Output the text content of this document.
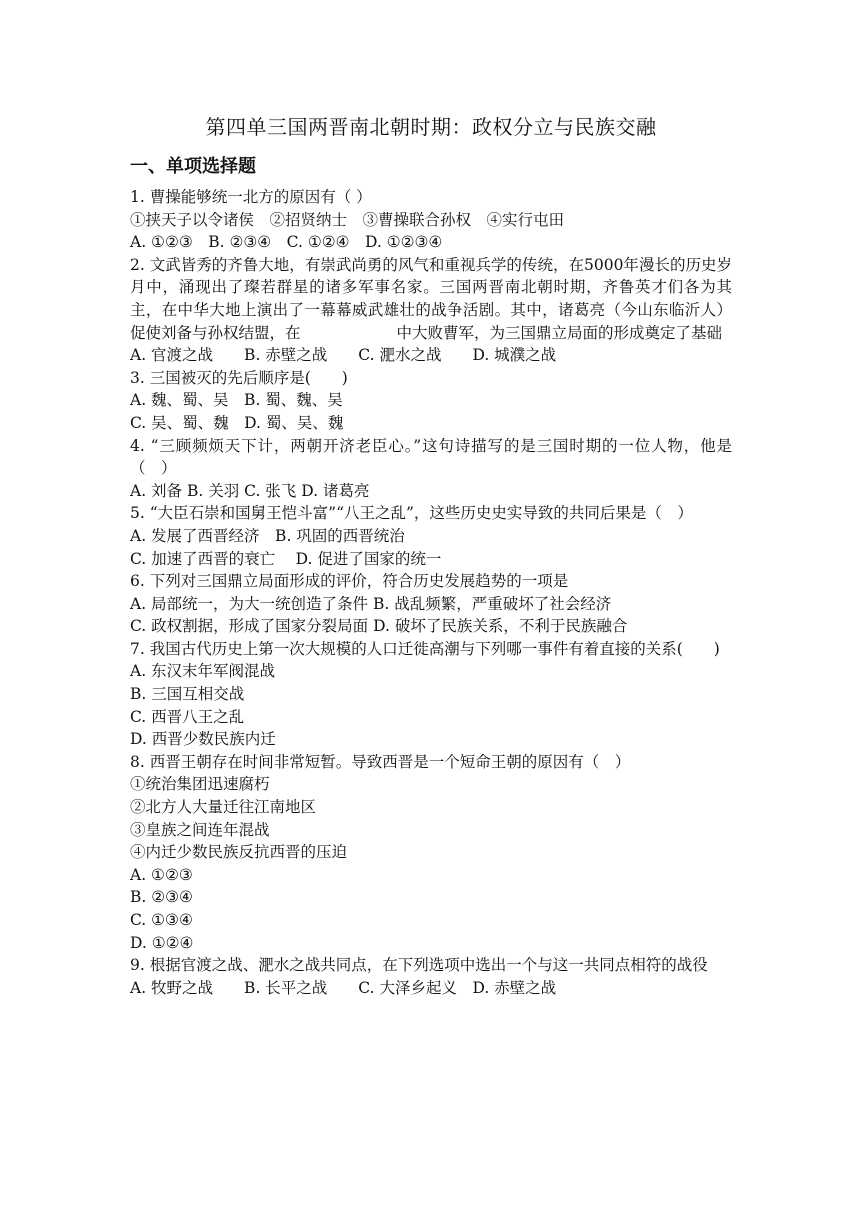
第四单三国两晋南北朝时期：政权分立与民族交融
一、单项选择题

1. 曹操能够统一北方的原因有（ ）

①挟天子以令诸侯　②招贤纳士　③曹操联合孙权　④实行屯田

A. ①②③　B. ②③④　C. ①②④　D. ①②③④

2. 文武皆秀的齐鲁大地，有崇武尚勇的风气和重视兵学的传统，在5000年漫长的历史岁月中，涌现出了璨若群星的诸多军事名家。三国两晋南北朝时期，齐鲁英才们各为其主，在中华大地上演出了一幕幕威武雄壮的战争活剧。其中，诸葛亮（今山东临沂人）促使刘备与孙权结盟，在	中大败曹军，为三国鼎立局面的形成奠定了基础

A. 官渡之战　　B. 赤壁之战　　C. 淝水之战　　D. 城濮之战

3. 三国被灭的先后顺序是(　　)

A. 魏、蜀、吴　B. 蜀、魏、吴

C. 吴、蜀、魏　D. 蜀、吴、魏

4. “三顾频烦天下计，两朝开济老臣心。”这句诗描写的是三国时期的一位人物，他是（　）

A. 刘备 B. 关羽 C. 张飞 D. 诸葛亮

5. “大臣石崇和国舅王恺斗富”“八王之乱”，这些历史史实导致的共同后果是（　）

A. 发展了西晋经济　B. 巩固的西晋统治

C. 加速了西晋的衰亡　 D. 促进了国家的统一

6. 下列对三国鼎立局面形成的评价，符合历史发展趋势的一项是

A. 局部统一，为大一统创造了条件 B. 战乱频繁，严重破坏了社会经济

C. 政权割据，形成了国家分裂局面 D. 破坏了民族关系，不利于民族融合

7. 我国古代历史上第一次大规模的人口迁徙高潮与下列哪一事件有着直接的关系(　　)

A. 东汉末年军阀混战

B. 三国互相交战

C. 西晋八王之乱

D. 西晋少数民族内迁

8. 西晋王朝存在时间非常短暂。导致西晋是一个短命王朝的原因有（　）

①统治集团迅速腐朽

②北方人大量迁往江南地区

③皇族之间连年混战

④内迁少数民族反抗西晋的压迫

A. ①②③

B. ②③④

C. ①③④

D. ①②④

9. 根据官渡之战、淝水之战共同点，在下列选项中选出一个与这一共同点相符的战役

A. 牧野之战　　B. 长平之战　　C. 大泽乡起义　D. 赤壁之战
